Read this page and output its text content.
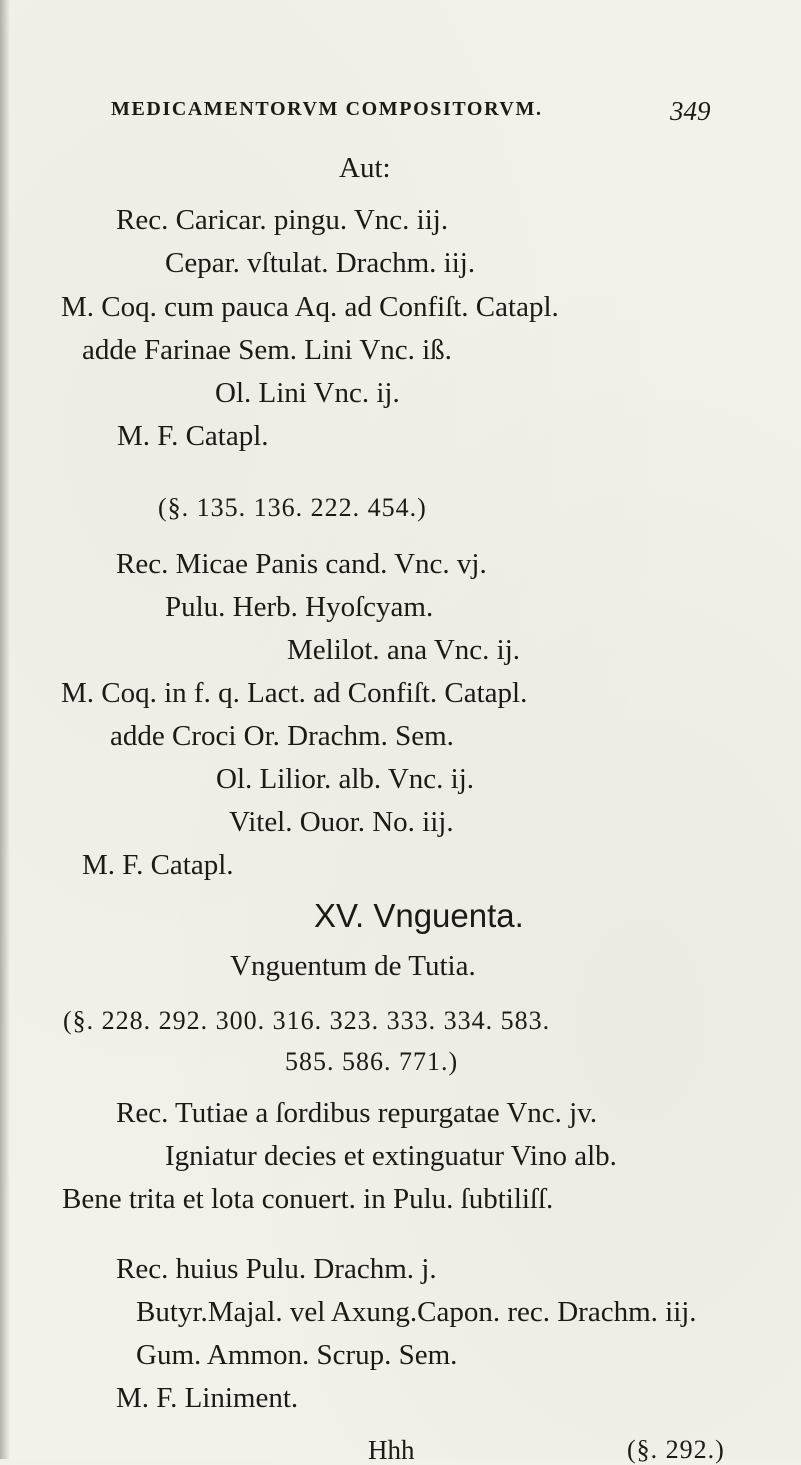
MEDICAMENTORVM COMPOSITORVM.	349
Aut:
Rec. Caricar. pingu. Vnc. iij.
Cepar. vſtulat. Drachm. iij.
M. Coq. cum pauca Aq. ad Confiſt. Catapl.
adde Farinae Sem. Lini Vnc. iß.
Ol. Lini Vnc. ij.
M. F. Catapl.
(§. 135. 136. 222. 454.)
Rec. Micae Panis cand. Vnc. vj.
Pulu. Herb. Hyoſcyam.
Melilot. ana Vnc. ij.
M. Coq. in f. q. Lact. ad Confiſt. Catapl.
adde Croci Or. Drachm. Sem.
Ol. Lilior. alb. Vnc. ij.
Vitel. Ouor. No. iij.
M. F. Catapl.
XV. Vnguenta.
Vnguentum de Tutia.
(§. 228. 292. 300. 316. 323. 333. 334. 583.
585. 586. 771.)
Rec. Tutiae a ſordibus repurgatae Vnc. jv.
Igniatur decies et extinguatur Vino alb.
Bene trita et lota conuert. in Pulu. ſubtiliſſ.
Rec. huius Pulu. Drachm. j.
Butyr.Majal. vel Axung.Capon. rec. Drachm. iij.
Gum. Ammon. Scrup. Sem.
M. F. Liniment.
Hhh	(§. 292.)
